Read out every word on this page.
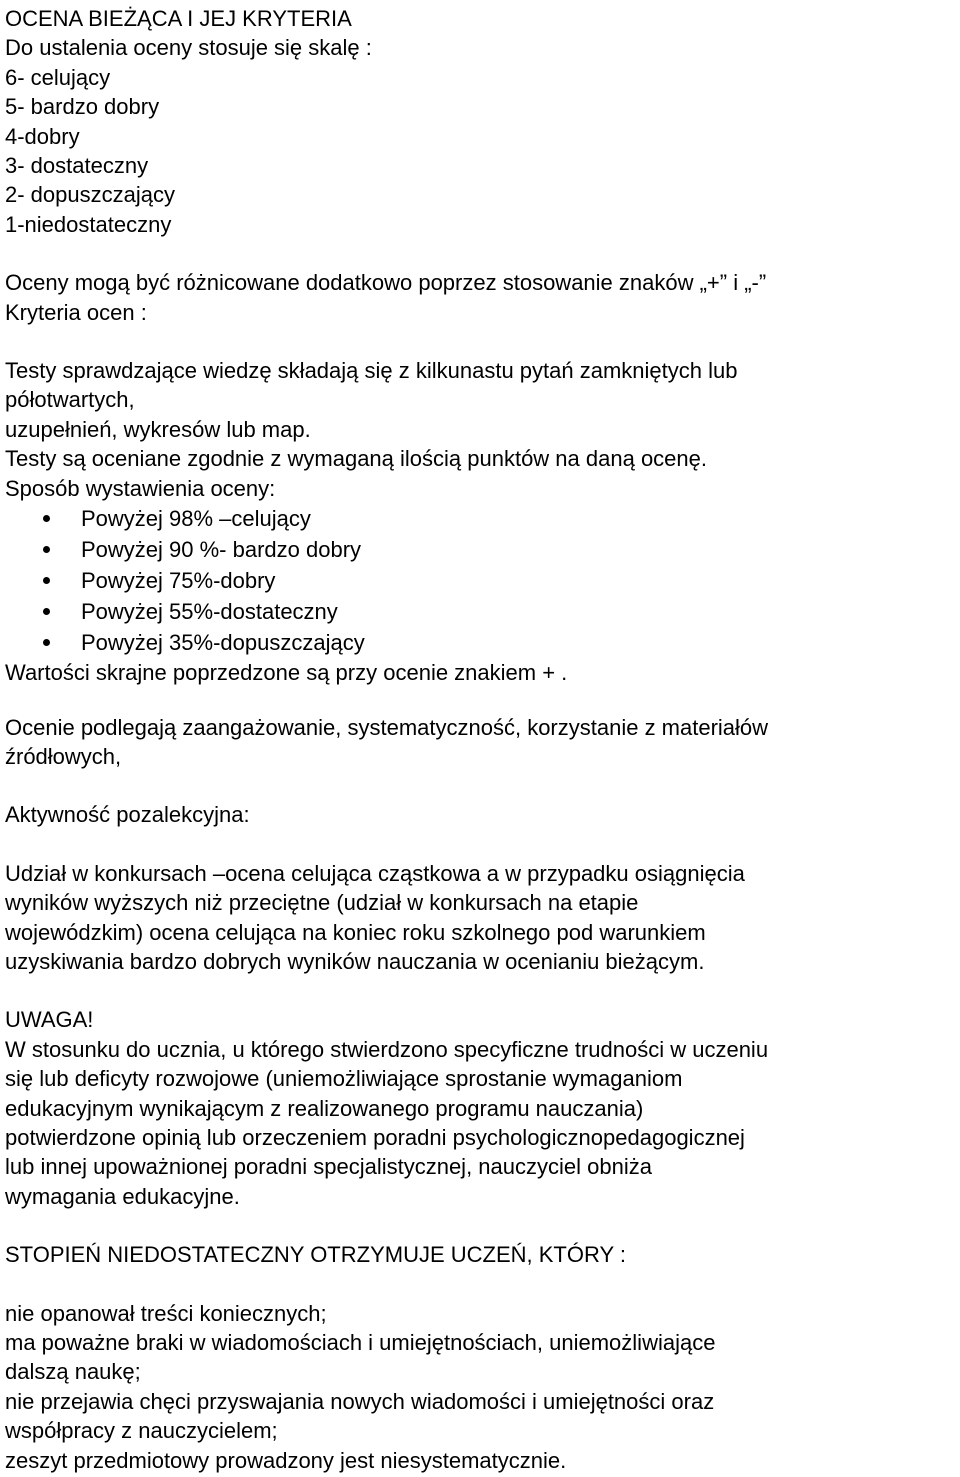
OCENA BIEŻĄCA I JEJ KRYTERIA

Do ustalenia oceny stosuje się skalę :

6- celujący

5- bardzo dobry

4-dobry

3- dostateczny

2- dopuszczający

1-niedostateczny

Oceny mogą być różnicowane dodatkowo poprzez stosowanie znaków „+” i „-”

Kryteria ocen :

Testy sprawdzające wiedzę składają się z kilkunastu pytań zamkniętych lub

półotwartych,

uzupełnień, wykresów lub map.

Testy są oceniane zgodnie z wymaganą ilością punktów na daną ocenę.

Sposób wystawienia oceny:

Powyżej 98% –celujący
Powyżej 90 %- bardzo dobry
Powyżej 75%-dobry
Powyżej 55%-dostateczny
Powyżej 35%-dopuszczający

Wartości skrajne poprzedzone są przy ocenie znakiem + .

Ocenie podlegają zaangażowanie, systematyczność, korzystanie z materiałów

źródłowych,

Aktywność pozalekcyjna:

Udział w konkursach –ocena celująca cząstkowa a w przypadku osiągnięcia

wyników wyższych niż przeciętne (udział w konkursach na etapie

wojewódzkim) ocena celująca na koniec roku szkolnego pod warunkiem

uzyskiwania bardzo dobrych wyników nauczania w ocenianiu bieżącym.

UWAGA!

W stosunku do ucznia, u którego stwierdzono specyficzne trudności w uczeniu

się lub deficyty rozwojowe (uniemożliwiające sprostanie wymaganiom

edukacyjnym wynikającym z realizowanego programu nauczania)

potwierdzone opinią lub orzeczeniem poradni psychologicznopedagogicznej

lub innej upoważnionej poradni specjalistycznej, nauczyciel obniża

wymagania edukacyjne.

STOPIEŃ NIEDOSTATECZNY OTRZYMUJE UCZEŃ, KTÓRY :

nie opanował treści koniecznych;

ma poważne braki w wiadomościach i umiejętnościach, uniemożliwiające

dalszą naukę;

nie przejawia chęci przyswajania nowych wiadomości i umiejętności oraz

współpracy z nauczycielem;

zeszyt przedmiotowy prowadzony jest niesystematycznie.
